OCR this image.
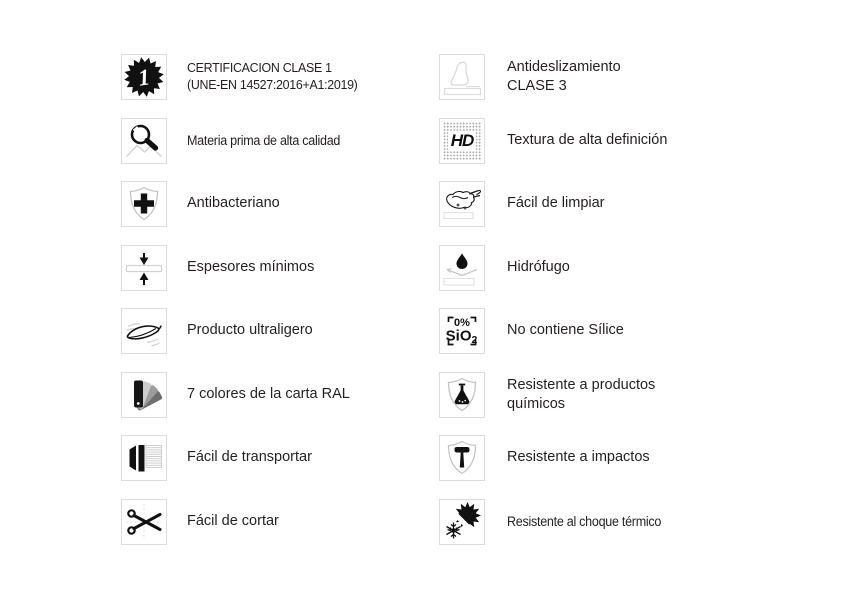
1	CERTIFICACION CLASE 1
(UNE-EN 14527:2016+A1:2019)
Materia prima de alta calidad
Antibacteriano
Espesores mínimos
Producto ultraligero
7 colores de la carta RAL
Fácil de transportar
Fácil de cortar
Antideslizamiento
CLASE 3
HD Textura de alta definición
Fácil de limpiar
Hidrófugo
0%
SiO2
No contiene Sílice
Resistente a productos
químicos
Resistente a impactos
Resistente al choque térmico
